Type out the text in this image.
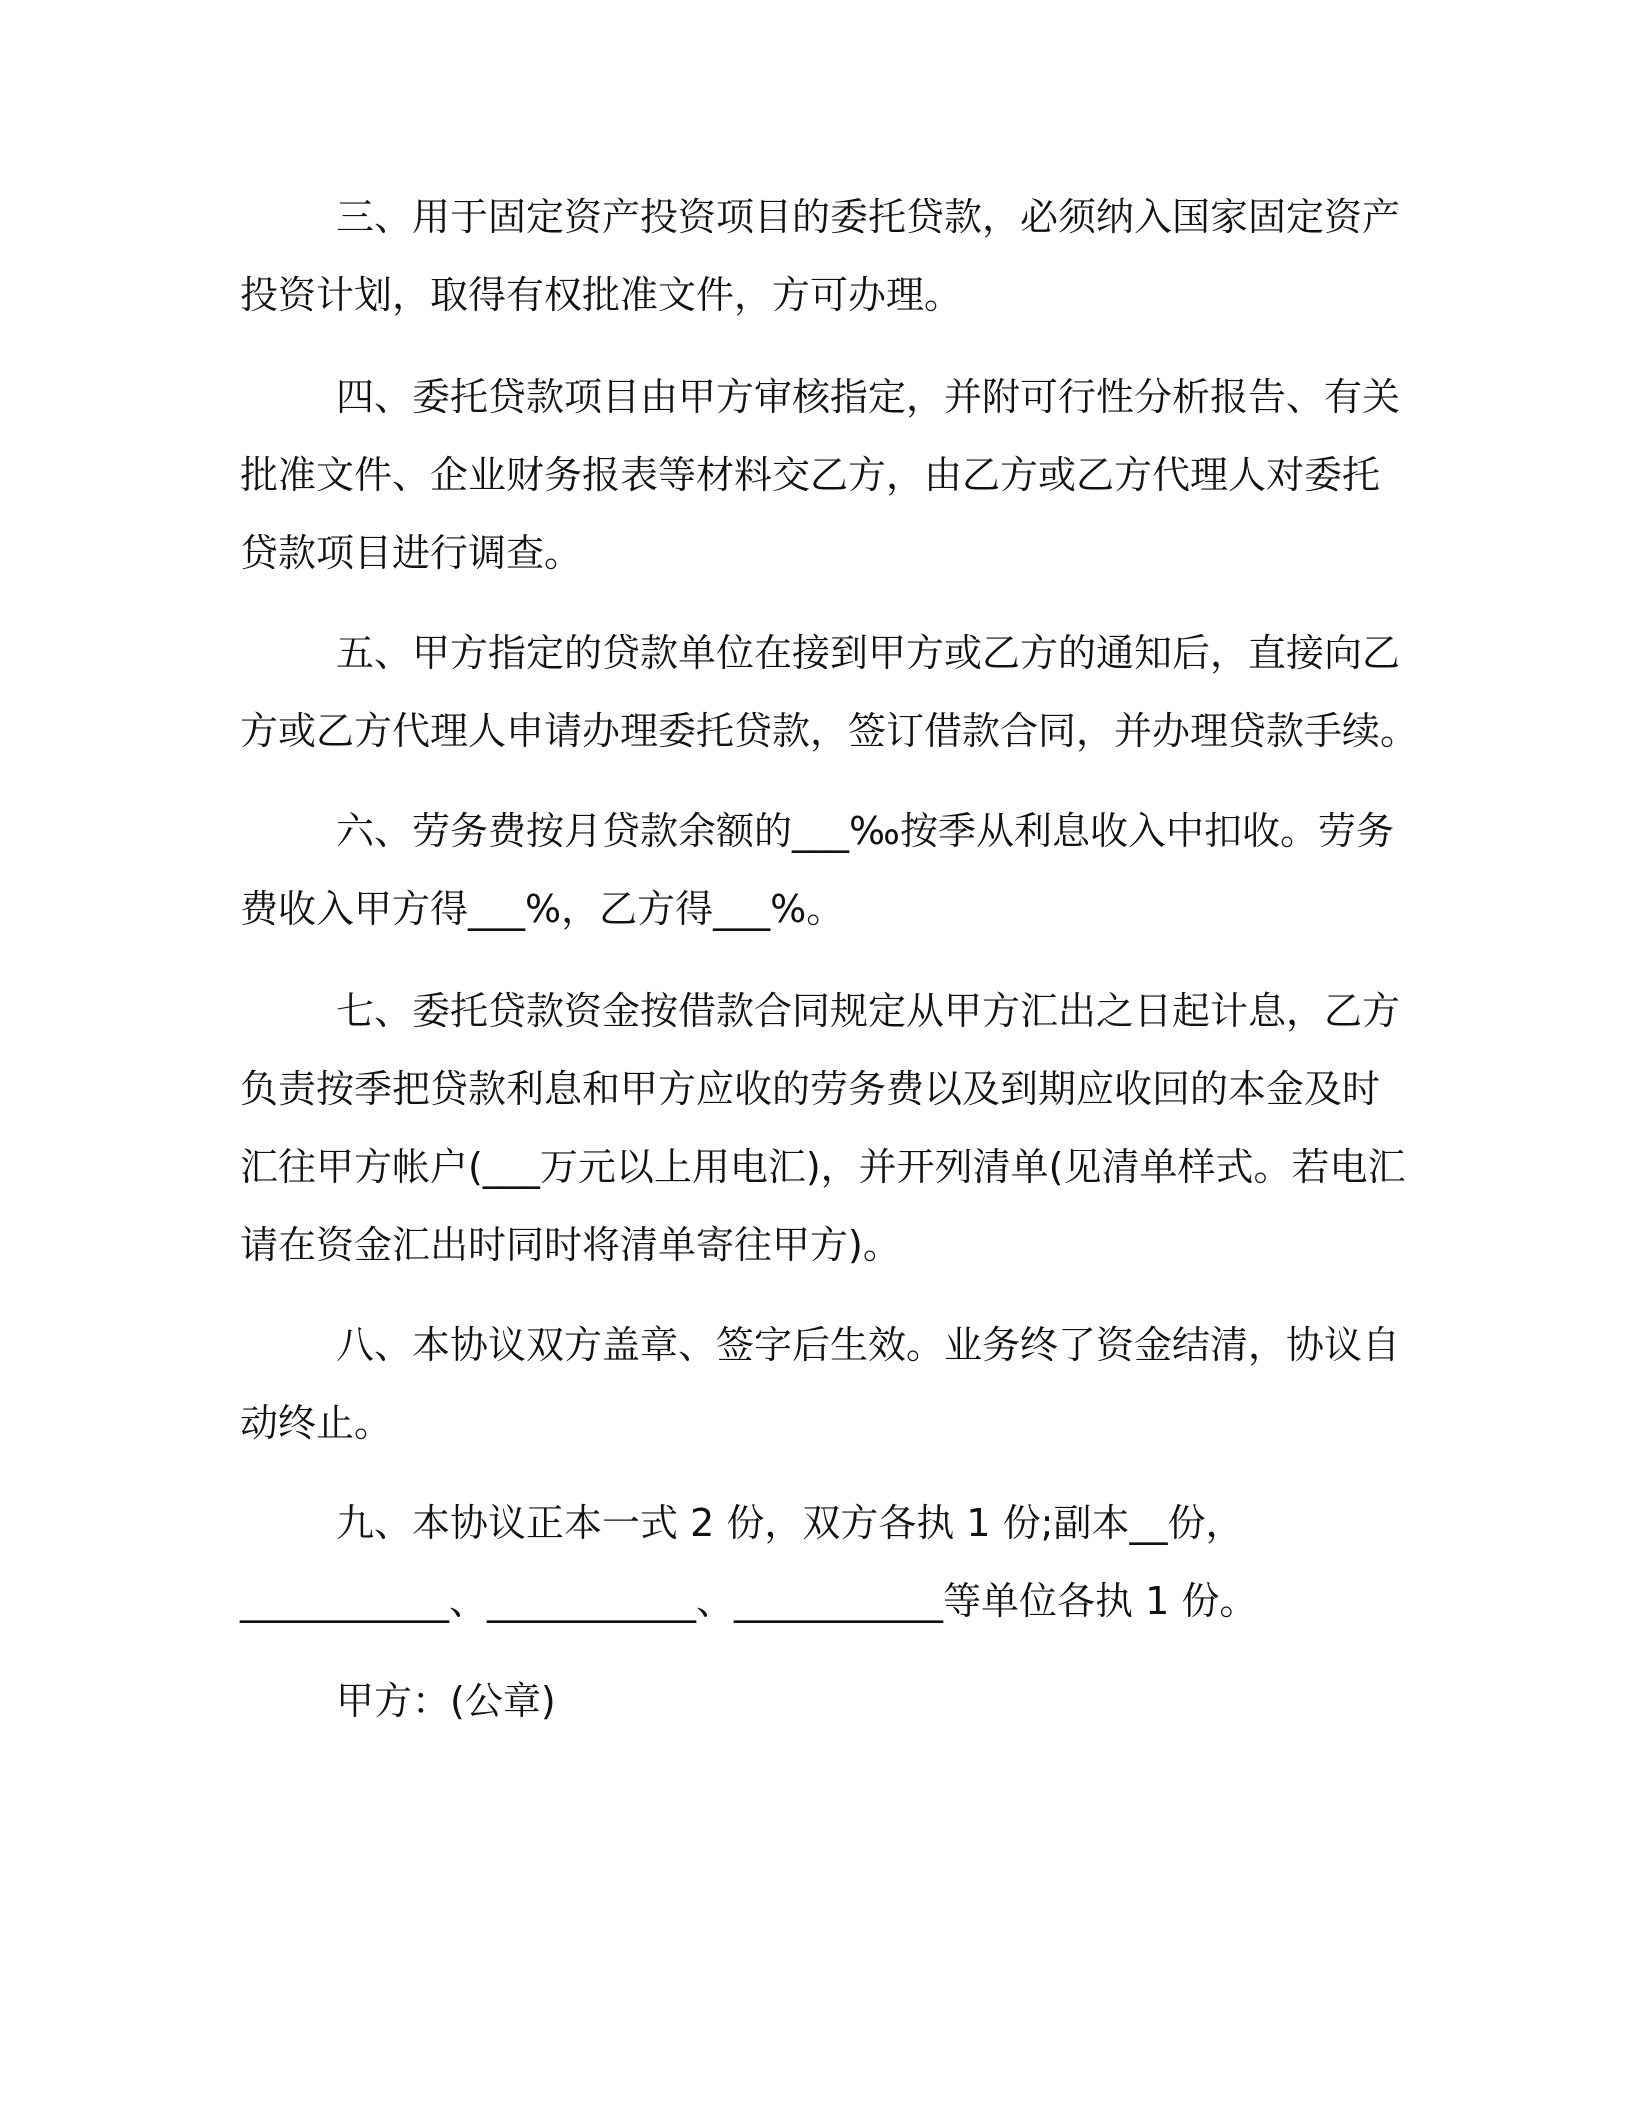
三、用于固定资产投资项目的委托贷款，必须纳入国家固定资产
投资计划，取得有权批准文件，方可办理。
四、委托贷款项目由甲方审核指定，并附可行性分析报告、有关
批准文件、企业财务报表等材料交乙方，由乙方或乙方代理人对委托
贷款项目进行调查。
五、甲方指定的贷款单位在接到甲方或乙方的通知后，直接向乙
方或乙方代理人申请办理委托贷款，签订借款合同，并办理贷款手续。
六、劳务费按月贷款余额的___‰按季从利息收入中扣收。劳务
费收入甲方得___%，乙方得___%。
七、委托贷款资金按借款合同规定从甲方汇出之日起计息，乙方
负责按季把贷款利息和甲方应收的劳务费以及到期应收回的本金及时
汇往甲方帐户(___万元以上用电汇)，并开列清单(见清单样式。若电汇
请在资金汇出时同时将清单寄往甲方)。
八、本协议双方盖章、签字后生效。业务终了资金结清，协议自
动终止。
九、本协议正本一式 2 份，双方各执 1 份;副本__份，
___________、___________、___________等单位各执 1 份。
甲方：(公章)
